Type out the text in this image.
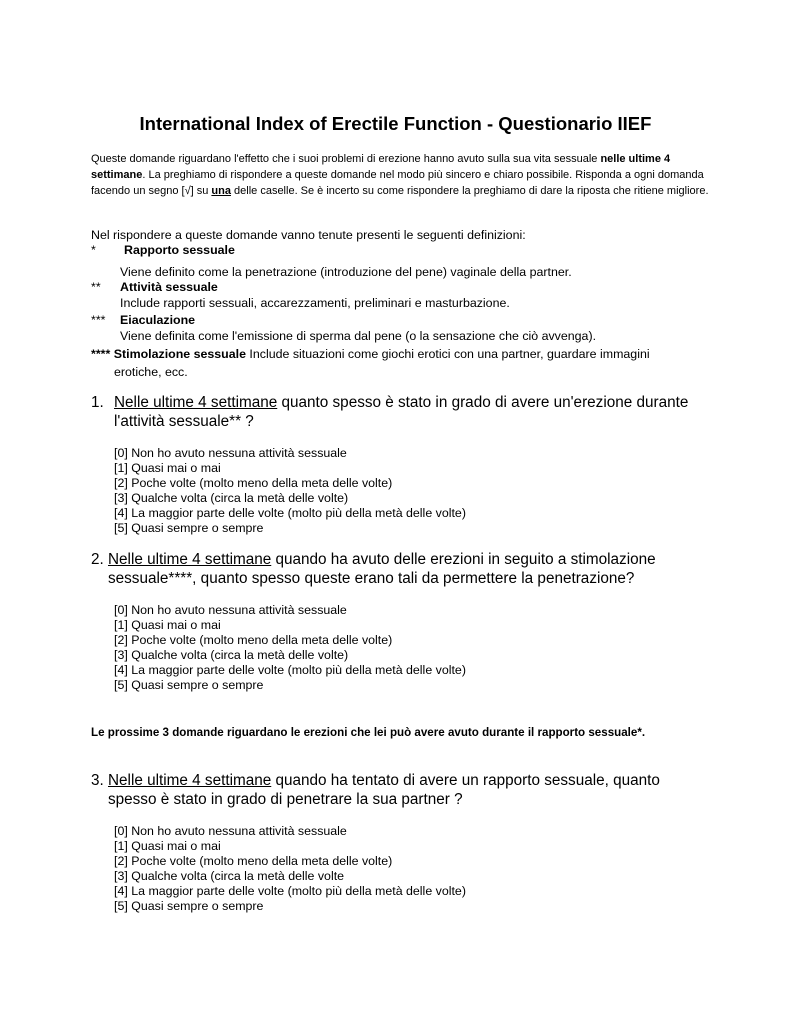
International Index of Erectile Function - Questionario IIEF
Queste domande riguardano l'effetto che i suoi problemi di erezione hanno avuto sulla sua vita sessuale nelle ultime 4 settimane. La preghiamo di rispondere a queste domande nel modo più sincero e chiaro possibile. Risponda a ogni domanda facendo un segno [√] su una delle caselle. Se è incerto su come rispondere la preghiamo di dare la riposta che ritiene migliore.
Nel rispondere a queste domande vanno tenute presenti le seguenti definizioni:
* Rapporto sessuale
Viene definito come la penetrazione (introduzione del pene) vaginale della partner.
** Attività sessuale
Include rapporti sessuali, accarezzamenti, preliminari e masturbazione.
*** Eiaculazione
Viene definita come l'emissione di sperma dal pene (o la sensazione che ciò avvenga).
**** Stimolazione sessuale Include situazioni come giochi erotici con una partner, guardare immagini
erotiche, ecc.
1. Nelle ultime 4 settimane quanto spesso è stato in grado di avere un'erezione durante
l'attività sessuale** ?
[0] Non ho avuto nessuna attività sessuale
[1] Quasi mai o mai
[2] Poche volte (molto meno della meta delle volte)
[3] Qualche volta (circa la metà delle volte)
[4] La maggior parte delle volte (molto più della metà delle volte)
[5] Quasi sempre o sempre
2. Nelle ultime 4 settimane quando ha avuto delle erezioni in seguito a stimolazione
sessuale****, quanto spesso queste erano tali da permettere la penetrazione?
[0] Non ho avuto nessuna attività sessuale
[1] Quasi mai o mai
[2] Poche volte (molto meno della meta delle volte)
[3] Qualche volta (circa la metà delle volte)
[4] La maggior parte delle volte (molto più della metà delle volte)
[5] Quasi sempre o sempre
Le prossime 3 domande riguardano le erezioni che lei può avere avuto durante il rapporto sessuale*.
3. Nelle ultime 4 settimane quando ha tentato di avere un rapporto sessuale, quanto
spesso è stato in grado di penetrare la sua partner ?
[0] Non ho avuto nessuna attività sessuale
[1] Quasi mai o mai
[2] Poche volte (molto meno della meta delle volte)
[3] Qualche volta (circa la metà delle volte
[4] La maggior parte delle volte (molto più della metà delle volte)
[5] Quasi sempre o sempre
